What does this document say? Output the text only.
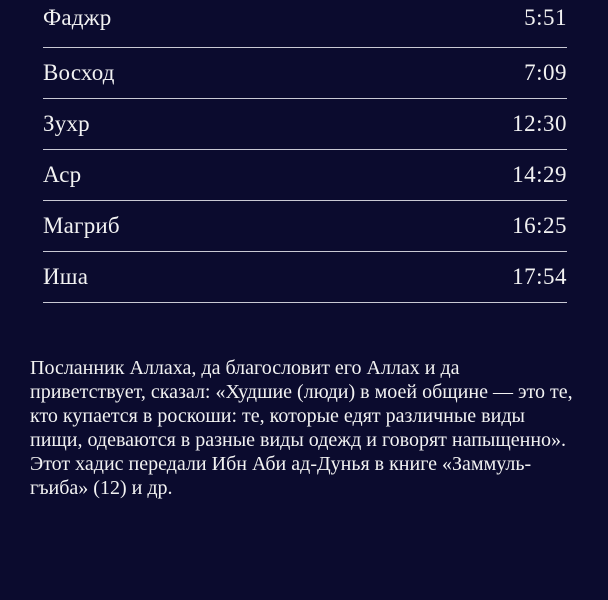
Фаджр	5:51
Восход	7:09
Зухр	12:30
Аср	14:29
Магриб	16:25
Иша	17:54

Посланник Аллаха, да благословит его Аллах и да приветствует, сказал: «Худшие (люди) в моей общине — это те, кто купается в роскоши: те, которые едят различные виды пищи, одеваются в разные виды одежд и говорят напыщенно». Этот хадис передали Ибн Аби ад-Дунья в книге «Заммуль-гъиба» (12) и др.
